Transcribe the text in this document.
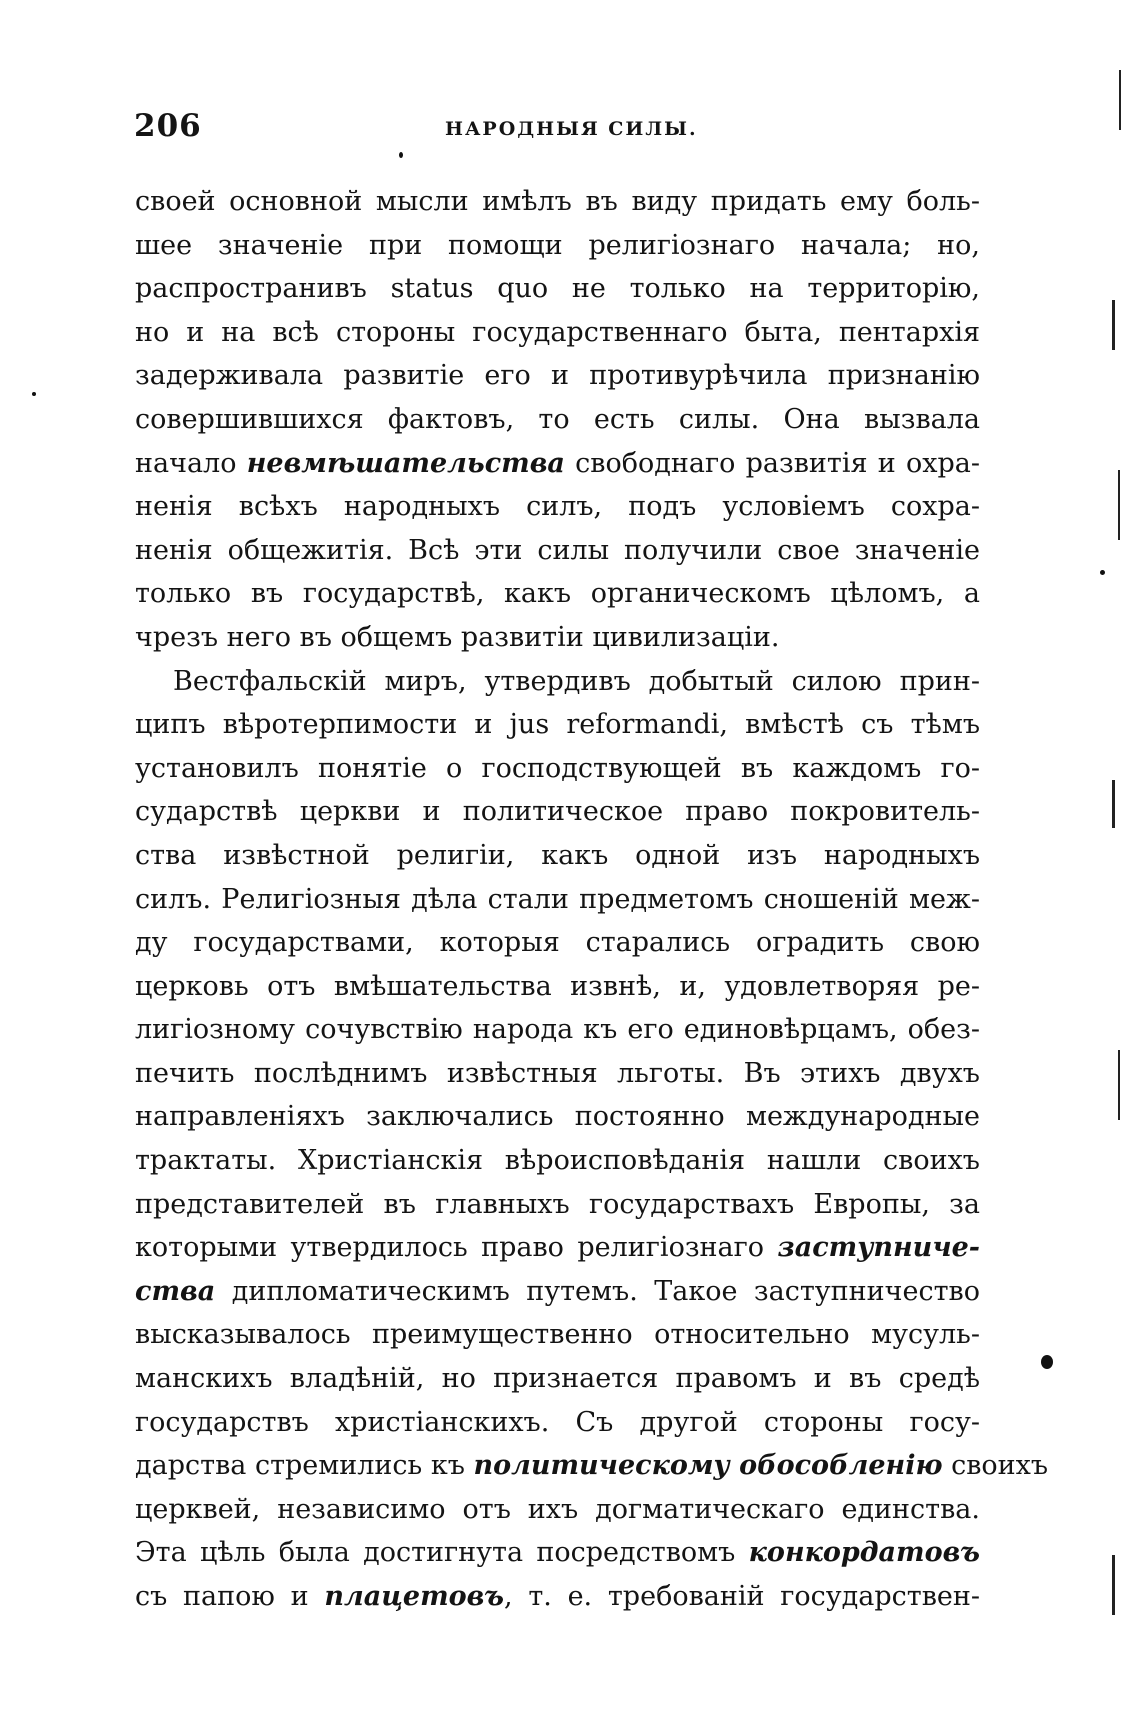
206	НАРОДНЫЯ СИЛЫ.
своей основной мысли имѣлъ въ виду придать ему боль-
шее значенiе при помощи религiознаго начала; но,
распространивъ status quo не только на территорiю,
но и на всѣ стороны государственнаго быта, пентархiя
задерживала развитiе его и противурѣчила признанiю
совершившихся фактовъ, то есть силы. Она вызвала
начало невмѣшательства свободнаго развитiя и охра-
ненiя всѣхъ народныхъ силъ, подъ условiемъ сохра-
ненiя общежитiя. Всѣ эти силы получили свое значенiе
только въ государствѣ, какъ органическомъ цѣломъ, а
чрезъ него въ общемъ развитiи цивилизацiи.
Вестфальскiй миръ, утвердивъ добытый силою прин-
ципъ вѣротерпимости и jus reformandi, вмѣстѣ съ тѣмъ
установилъ понятiе о господствующей въ каждомъ го-
сударствѣ церкви и политическое право покровитель-
ства извѣстной религiи, какъ одной изъ народныхъ
силъ. Религiозныя дѣла стали предметомъ сношенiй меж-
ду государствами, которыя старались оградить свою
церковь отъ вмѣшательства извнѣ, и, удовлетворяя ре-
лигiозному сочувствiю народа къ его единовѣрцамъ, обез-
печить послѣднимъ извѣстныя льготы. Въ этихъ двухъ
направленiяхъ заключались постоянно международные
трактаты. Христiанскiя вѣроисповѣданiя нашли своихъ
представителей въ главныхъ государствахъ Европы, за
которыми утвердилось право религiознаго заступниче-
ства дипломатическимъ путемъ. Такое заступничество
высказывалось преимущественно относительно мусуль-
манскихъ владѣнiй, но признается правомъ и въ средѣ
государствъ христiанскихъ. Съ другой стороны госу-
дарства стремились къ политическому обособленiю своихъ
церквей, независимо отъ ихъ догматическаго единства.
Эта цѣль была достигнута посредствомъ конкордатовъ
съ папою и плацетовъ, т. е. требованiй государствен-
